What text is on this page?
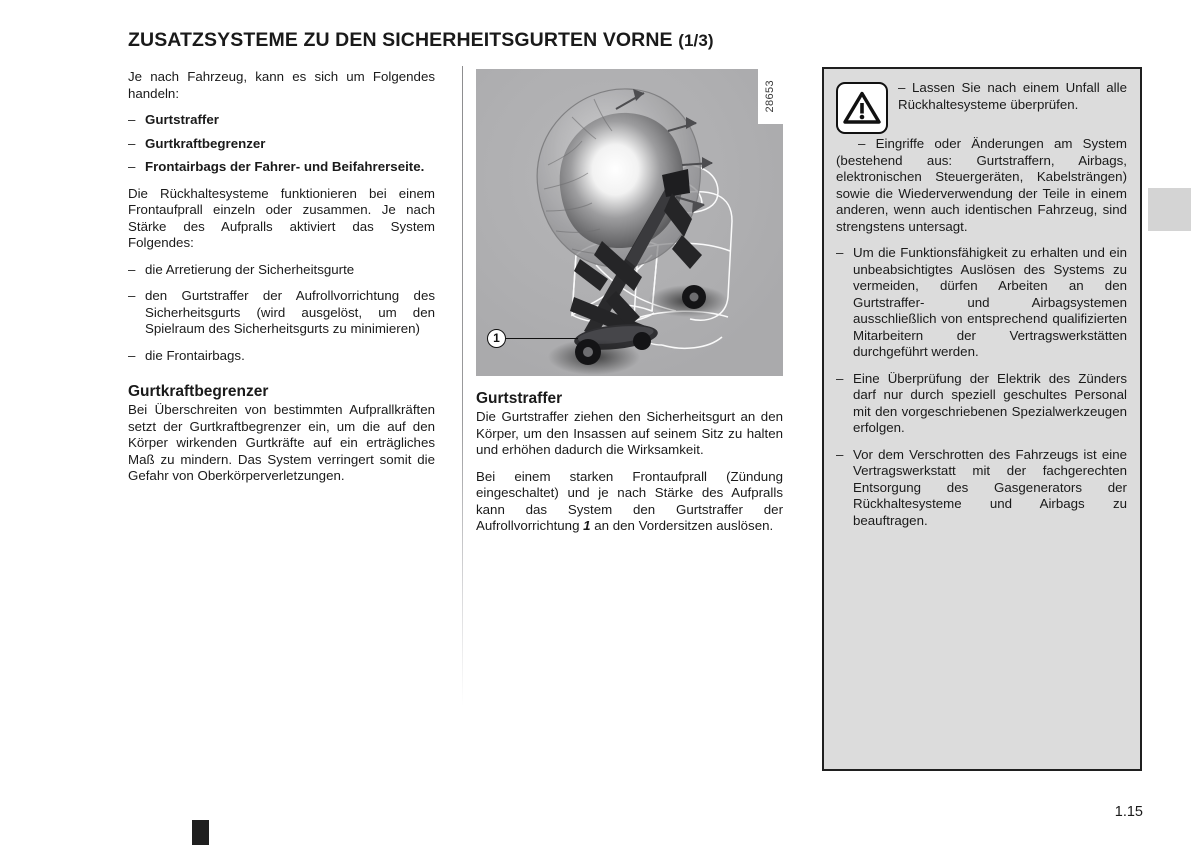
ZUSATZSYSTEME ZU DEN SICHERHEITSGURTEN VORNE (1/3)

Je nach Fahrzeug, kann es sich um Folgendes handeln:

– Gurtstraffer
– Gurtkraftbegrenzer
– Frontairbags der Fahrer- und Beifahrerseite.

Die Rückhaltesysteme funktionieren bei einem Frontaufprall einzeln oder zusammen. Je nach Stärke des Aufpralls aktiviert das System Folgendes:

– die Arretierung der Sicherheitsgurte
– den Gurtstraffer der Aufrollvorrichtung des Sicherheitsgurts (wird ausgelöst, um den Spielraum des Sicherheitsgurts zu minimieren)
– die Frontairbags.
Gurtkraftbegrenzer

Bei Überschreiten von bestimmten Aufprallkräften setzt der Gurtkraftbegrenzer ein, um die auf den Körper wirkenden Gurtkräfte auf ein erträgliches Maß zu mindern. Das System verringert somit die Gefahr von Oberkörperverletzungen.

28653
1
Gurtstraffer

Die Gurtstraffer ziehen den Sicherheitsgurt an den Körper, um den Insassen auf seinem Sitz zu halten und erhöhen dadurch die Wirksamkeit.

Bei einem starken Frontaufprall (Zündung eingeschaltet) und je nach Stärke des Aufpralls kann das System den Gurtstraffer der Aufrollvorrichtung 1 an den Vordersitzen auslösen.

– Lassen Sie nach einem Unfall alle Rückhaltesysteme überprüfen.

– Eingriffe oder Änderungen am System (bestehend aus: Gurtstraffern, Airbags, elektronischen Steuergeräten, Kabelsträngen) sowie die Wiederverwendung der Teile in einem anderen, wenn auch identischen Fahrzeug, sind strengstens untersagt.

– Um die Funktionsfähigkeit zu erhalten und ein unbeabsichtigtes Auslösen des Systems zu vermeiden, dürfen Arbeiten an den Gurtstraffer- und Airbagsystemen ausschließlich von entsprechend qualifizierten Mitarbeitern der Vertragswerkstätten durchgeführt werden.
– Eine Überprüfung der Elektrik des Zünders darf nur durch speziell geschultes Personal mit den vorgeschriebenen Spezialwerkzeugen erfolgen.
– Vor dem Verschrotten des Fahrzeugs ist eine Vertragswerkstatt mit der fachgerechten Entsorgung des Gasgenerators der Rückhaltesysteme und Airbags zu beauftragen.
1.15
